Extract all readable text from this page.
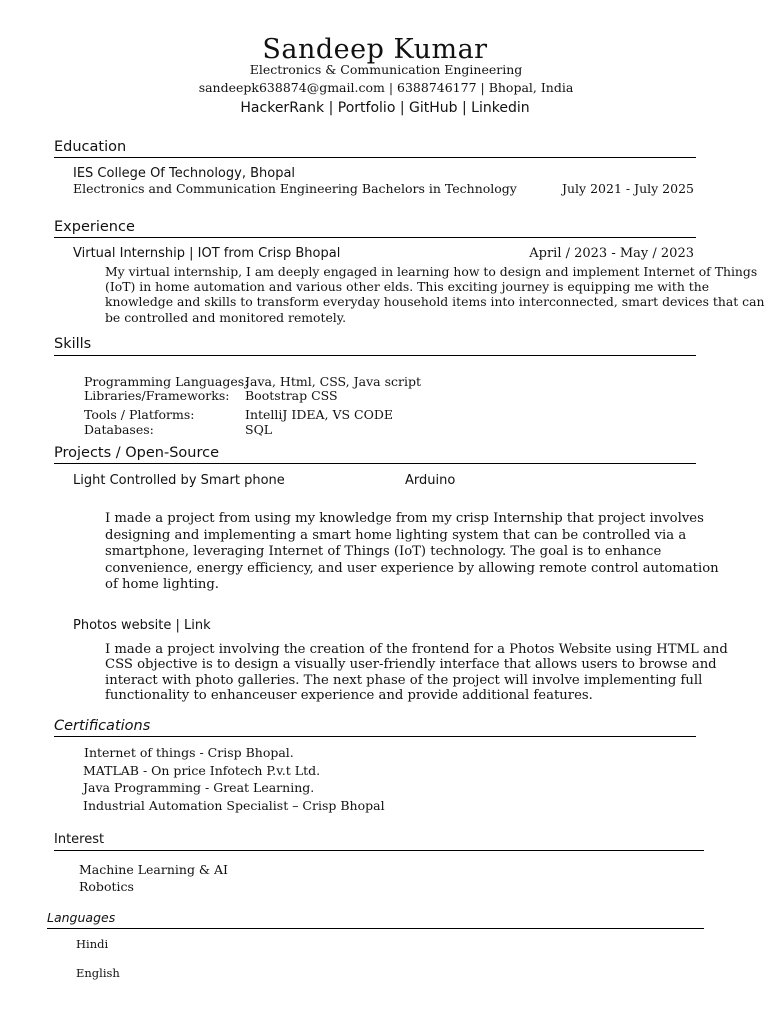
Sandeep Kumar
Electronics & Communication Engineering
sandeepk638874@gmail.com | 6388746177 | Bhopal, India
HackerRank | Portfolio | GitHub | Linkedin
Education
IES College Of Technology, Bhopal
Electronics and Communication Engineering Bachelors in Technology	July 2021 - July 2025
Experience
Virtual Internship | IOT from Crisp Bhopal	April / 2023 - May / 2023
My virtual internship, I am deeply engaged in learning how to design and implement Internet of Things
(IoT) in home automation and various other elds. This exciting journey is equipping me with the
knowledge and skills to transform everyday household items into interconnected, smart devices that can
be controlled and monitored remotely.
Skills
Programming Languages:
Java, Html, CSS, Java script
Libraries/Frameworks: Bootstrap CSS
Tools / Platforms:	IntelliJ IDEA, VS CODE
Databases:	SQL
Projects / Open-Source
Light Controlled by Smart phone	Arduino
I made a project from using my knowledge from my crisp Internship that project involves
designing and implementing a smart home lighting system that can be controlled via a
smartphone, leveraging Internet of Things (IoT) technology. The goal is to enhance
convenience, energy efficiency, and user experience by allowing remote control automation
of home lighting.
Photos website | Link
I made a project involving the creation of the frontend for a Photos Website using HTML and
CSS objective is to design a visually user-friendly interface that allows users to browse and
interact with photo galleries. The next phase of the project will involve implementing full
functionality to enhanceuser experience and provide additional features.
Certifications
Internet of things - Crisp Bhopal.
MATLAB - On price Infotech P.v.t Ltd.
Java Programming - Great Learning.
Industrial Automation Specialist – Crisp Bhopal
Interest
Machine Learning & AI
Robotics
Languages
Hindi
English
